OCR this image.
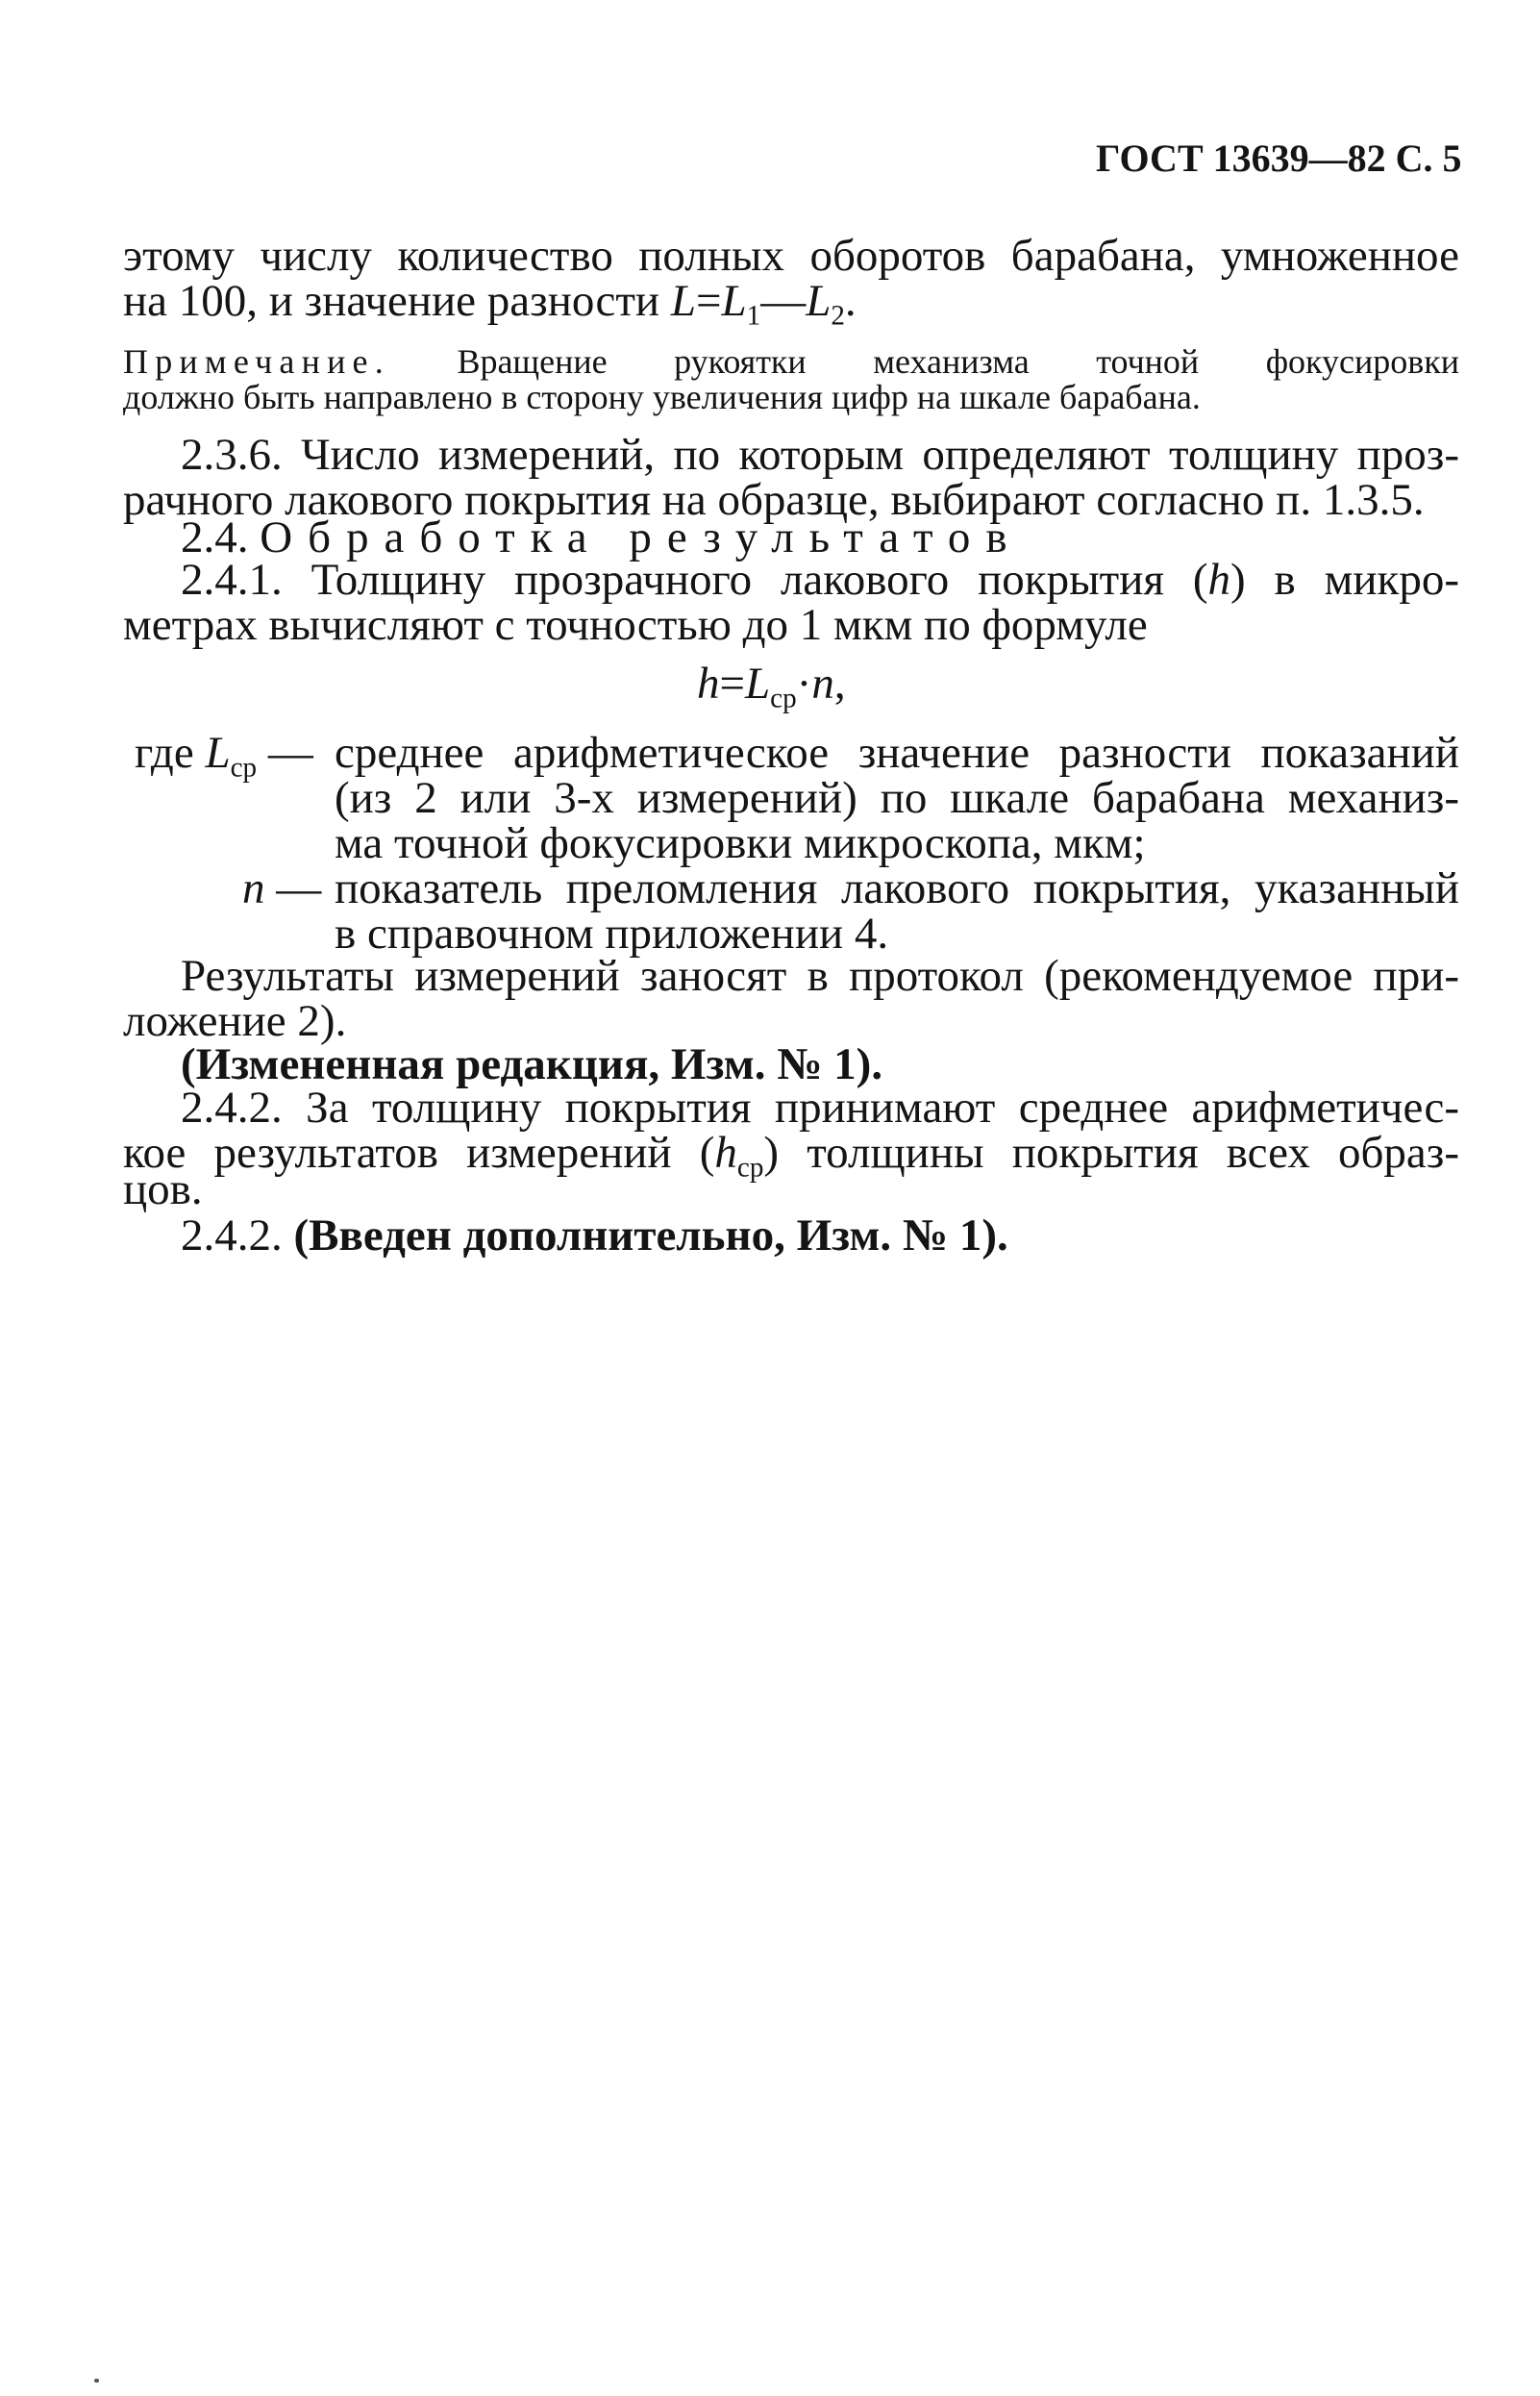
ГОСТ 13639—82 С. 5
этому числу количество полных оборотов барабана, умноженное
на 100, и значение разности $L=L_1—L_2$.
Примечание. Вращение рукоятки механизма точной фокусировки
должно быть направлено в сторону увеличения цифр на шкале барабана.
2.3.6. Число измерений, по которым определяют толщину проз-
рачного лакового покрытия на образце, выбирают согласно п. 1.3.5.
2.4. Обработка результатов
2.4.1. Толщину прозрачного лакового покрытия (h) в микро-
метрах вычисляют с точностью до 1 мкм по формуле
$h=L_{ср}\cdot n$,
где $L_{ср}$ — среднее арифметическое значение разности показаний
(из 2 или 3-х измерений) по шкале барабана механиз-
ма точной фокусировки микроскопа, мкм;
n — показатель преломления лакового покрытия, указанный
в справочном приложении 4.
Результаты измерений заносят в протокол (рекомендуемое при-
ложение 2).
(Измененная редакция, Изм. № 1).
2.4.2. За толщину покрытия принимают среднее арифметичес-
кое результатов измерений $(h_{ср})$ толщины покрытия всех образ-
цов.
2.4.2. (Введен дополнительно, Изм. № 1).
